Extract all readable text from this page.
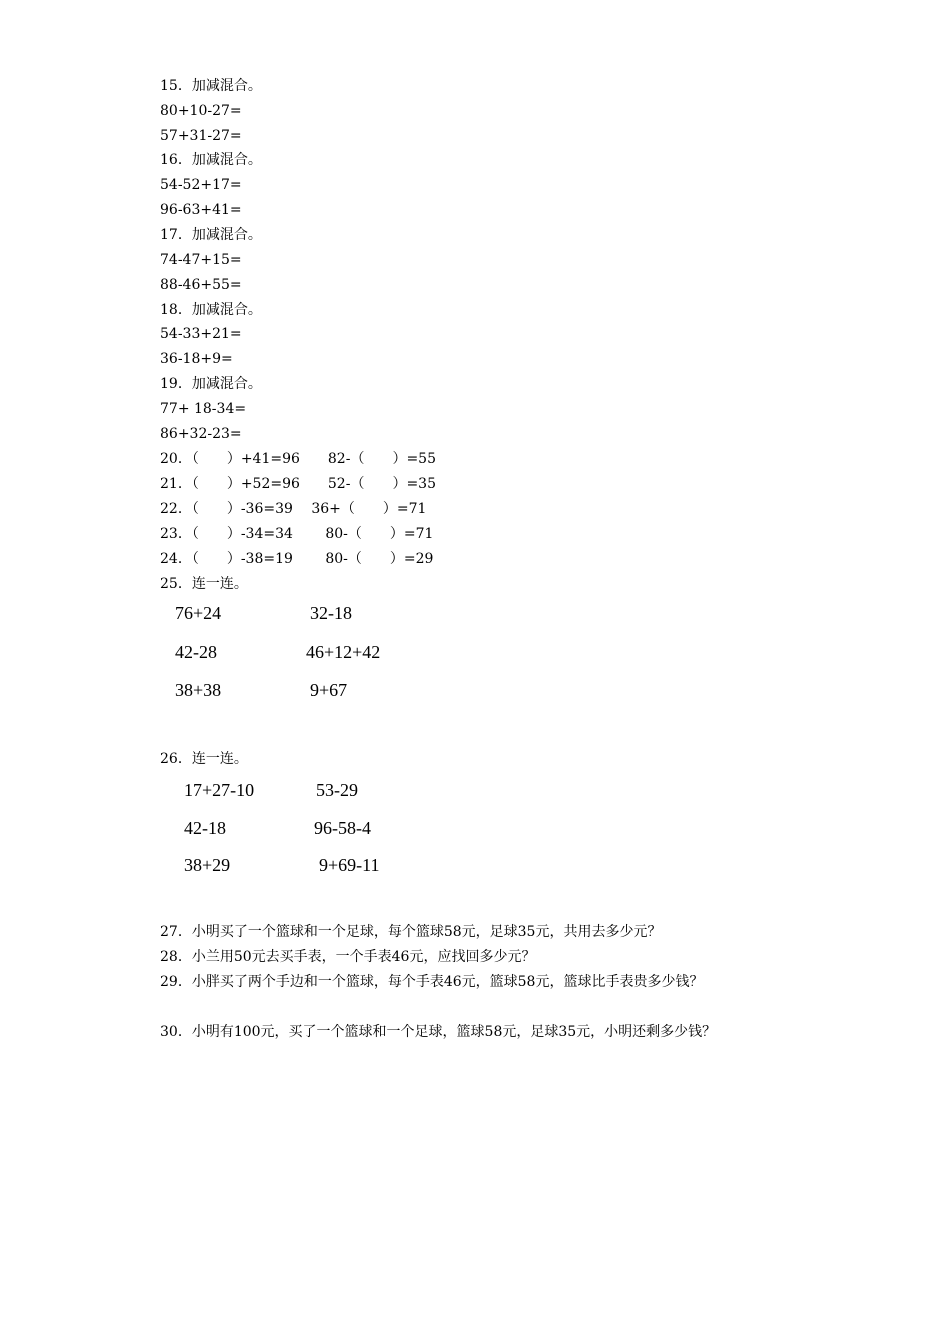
15．加减混合。
80+10-27=
57+31-27=
16．加减混合。
54-52+17=
96-63+41=
17．加减混合。
74-47+15=
88-46+55=
18．加减混合。
54-33+21=
36-18+9=
19．加减混合。
77+ 18-34=
86+32-23=
20．（　　）+41=96　　82-（　　）=55
21．（　　）+52=96　　52-（　　）=35
22．（　　）-36=39　 36+（　　）=71
23．（　　）-34=34　　 80-（　　）=71
24．（　　）-38=19　　 80-（　　）=29
25．连一连。
76+24
42-28
38+38
32-18
46+12+42
9+67
26．连一连。
17+27-10
42-18
38+29
53-29
96-58-4
9+69-11
27．小明买了一个篮球和一个足球，每个篮球58元，足球35元，共用去多少元？
28．小兰用50元去买手表，一个手表46元，应找回多少元？
29．小胖买了两个手边和一个篮球，每个手表46元，篮球58元，篮球比手表贵多少钱？
30．小明有100元，买了一个篮球和一个足球，篮球58元，足球35元，小明还剩多少钱？
